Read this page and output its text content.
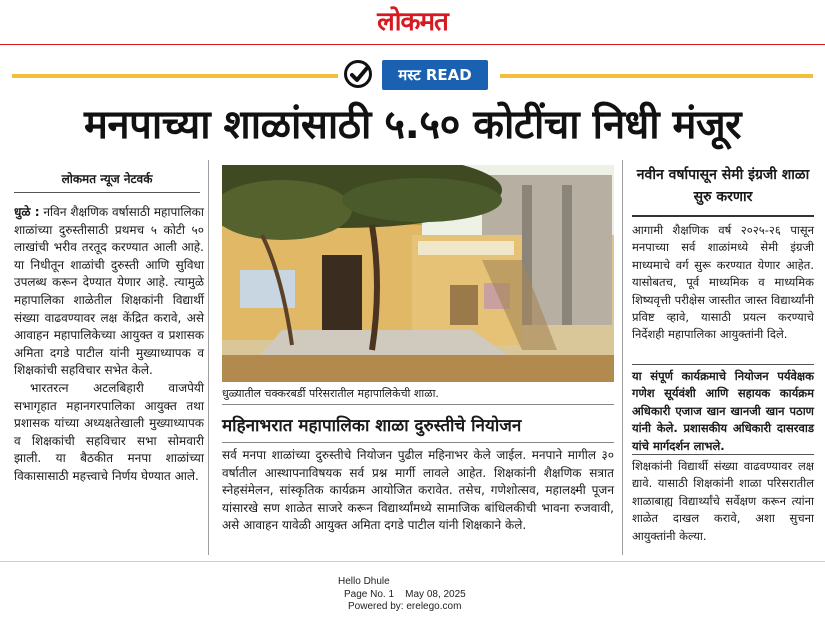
लोकमत
मस्ट READ
मनपाच्या शाळांसाठी ५.५० कोटींचा निधी मंजूर
लोकमत न्यूज नेटवर्क

धुळे : नविन शैक्षणिक वर्षासाठी महापालिका शाळांच्या दुरुस्तीसाठी प्रथमच ५ कोटी ५० लाखांची भरीव तरतूद करण्यात आली आहे. या निधीतून शाळांची दुरुस्ती आणि सुविधा उपलब्ध करून देण्यात येणार आहे. त्यामुळे महापालिका शाळेतील शिक्षकांनी विद्यार्थी संख्या वाढवण्यावर लक्ष केंद्रित करावे, असे आवाहन महापालिकेच्या आयुक्त व प्रशासक अमिता दगडे पाटील यांनी मुख्याध्यापक व शिक्षकांची सहविचार सभेत केले.

भारतरत्न अटलबिहारी वाजपेयी सभागृहात महानगरपालिका आयुक्त तथा प्रशासक यांच्या अध्यक्षतेखाली मुख्याध्यापक व शिक्षकांची सहविचार सभा सोमवारी झाली. या बैठकीत मनपा शाळांच्या विकासासाठी महत्त्वाचे निर्णय घेण्यात आले.

धुळ्यातील चक्करबर्डी परिसरातील महापालिकेची शाळा.
महिनाभरात महापालिका शाळा दुरुस्तीचे नियोजन

सर्व मनपा शाळांच्या दुरुस्तीचे नियोजन पुढील महिनाभर केले जाईल. मनपाने मागील ३० वर्षातील आस्थापनाविषयक सर्व प्रश्न मार्गी लावले आहेत. शिक्षकांनी शैक्षणिक सत्रात स्नेहसंमेलन, सांस्कृतिक कार्यक्रम आयोजित करावेत. तसेच, गणेशोत्सव, महालक्ष्मी पूजन यांसारखे सण शाळेत साजरे करून विद्यार्थ्यांमध्ये सामाजिक बांधिलकीची भावना रुजवावी, असे आवाहन यावेळी आयुक्त अमिता दगडे पाटील यांनी शिक्षकाने केले.

नवीन वर्षापासून सेमी इंग्रजी शाळा सुरु करणार

आगामी शैक्षणिक वर्ष २०२५-२६ पासून मनपाच्या सर्व शाळांमध्ये सेमी इंग्रजी माध्यमाचे वर्ग सुरू करण्यात येणार आहेत. यासोबतच, पूर्व माध्यमिक व माध्यमिक शिष्यवृत्ती परीक्षेस जास्तीत जास्त विद्यार्थ्यांनी प्रविष्ट व्हावे, यासाठी प्रयत्न करण्याचे निर्देशही महापालिका आयुक्तांनी दिले.

या संपूर्ण कार्यक्रमाचे नियोजन पर्यवेक्षक गणेश सूर्यवंशी आणि सहायक कार्यक्रम अधिकारी एजाज खान खानजी खान पठाण यांनी केले. प्रशासकीय अधिकारी दासरवाड यांचे मार्गदर्शन लाभले.

शिक्षकांनी विद्यार्थी संख्या वाढवण्यावर लक्ष द्यावे. यासाठी शिक्षकांनी शाळा परिसरातील शाळाबाह्य विद्यार्थ्यांचे सर्वेक्षण करून त्यांना शाळेत दाखल करावे, अशा सुचना आयुक्तांनी केल्या.

Hello Dhule
Page No. 1    May 08, 2025
Powered by: erelego.com
